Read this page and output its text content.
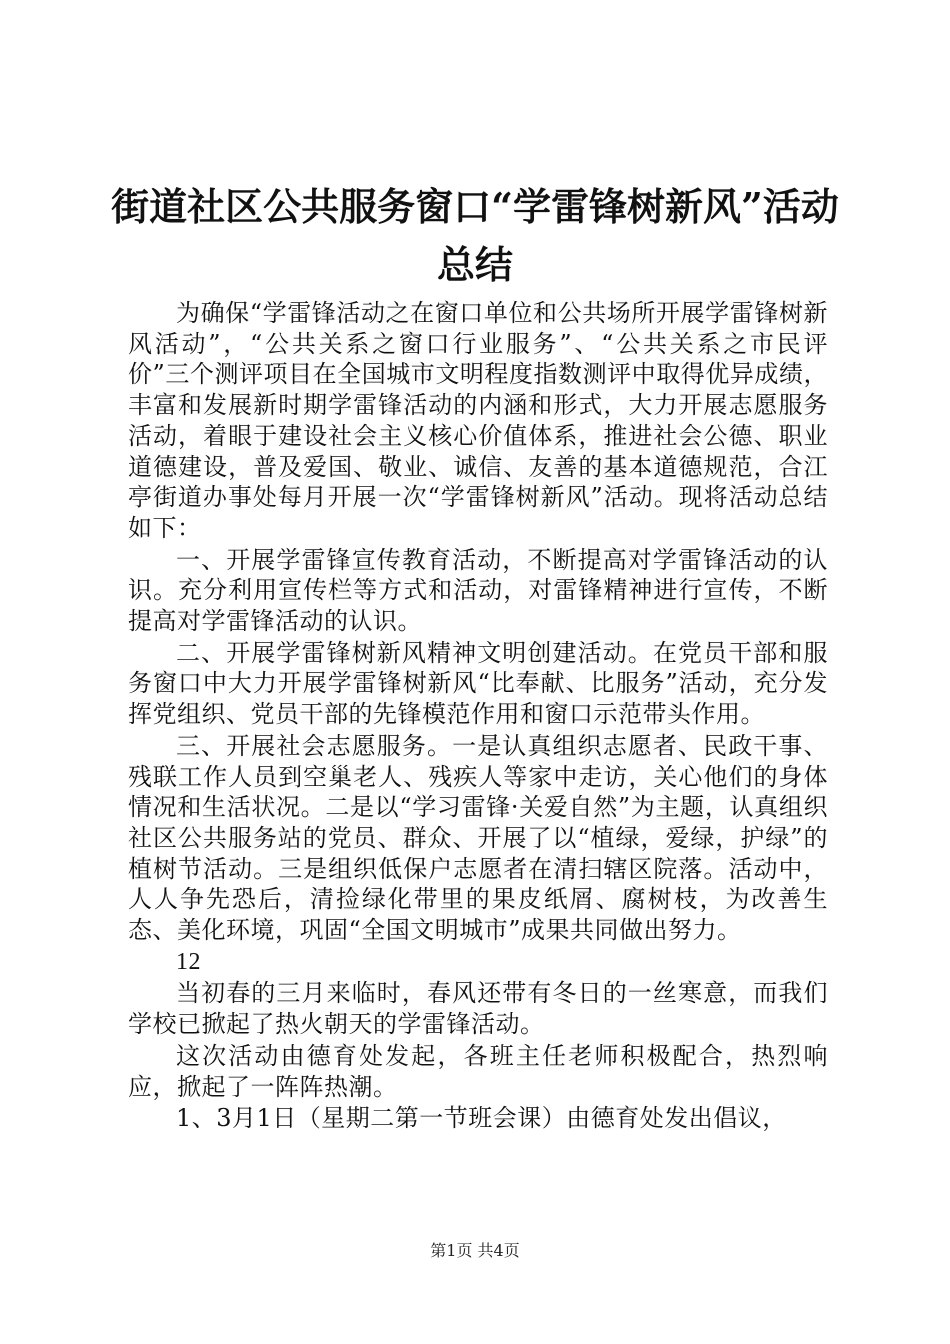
街道社区公共服务窗口“学雷锋树新风”活动
总结

为确保“学雷锋活动之在窗口单位和公共场所开展学雷锋树新风活动”，“公共关系之窗口行业服务”、“公共关系之市民评价”三个测评项目在全国城市文明程度指数测评中取得优异成绩，丰富和发展新时期学雷锋活动的内涵和形式，大力开展志愿服务活动，着眼于建设社会主义核心价值体系，推进社会公德、职业道德建设，普及爱国、敬业、诚信、友善的基本道德规范，合江亭街道办事处每月开展一次“学雷锋树新风”活动。现将活动总结如下：

一、开展学雷锋宣传教育活动，不断提高对学雷锋活动的认识。充分利用宣传栏等方式和活动，对雷锋精神进行宣传，不断提高对学雷锋活动的认识。

二、开展学雷锋树新风精神文明创建活动。在党员干部和服务窗口中大力开展学雷锋树新风“比奉献、比服务”活动，充分发挥党组织、党员干部的先锋模范作用和窗口示范带头作用。

三、开展社会志愿服务。一是认真组织志愿者、民政干事、残联工作人员到空巢老人、残疾人等家中走访，关心他们的身体情况和生活状况。二是以“学习雷锋·关爱自然”为主题，认真组织社区公共服务站的党员、群众、开展了以“植绿，爱绿，护绿”的植树节活动。三是组织低保户志愿者在清扫辖区院落。活动中，人人争先恐后，清捡绿化带里的果皮纸屑、腐树枝，为改善生态、美化环境，巩固“全国文明城市”成果共同做出努力。

12

当初春的三月来临时，春风还带有冬日的一丝寒意，而我们学校已掀起了热火朝天的学雷锋活动。

这次活动由德育处发起，各班主任老师积极配合，热烈响应，掀起了一阵阵热潮。

1、3月1日（星期二第一节班会课）由德育处发出倡议，

第1页 共4页
